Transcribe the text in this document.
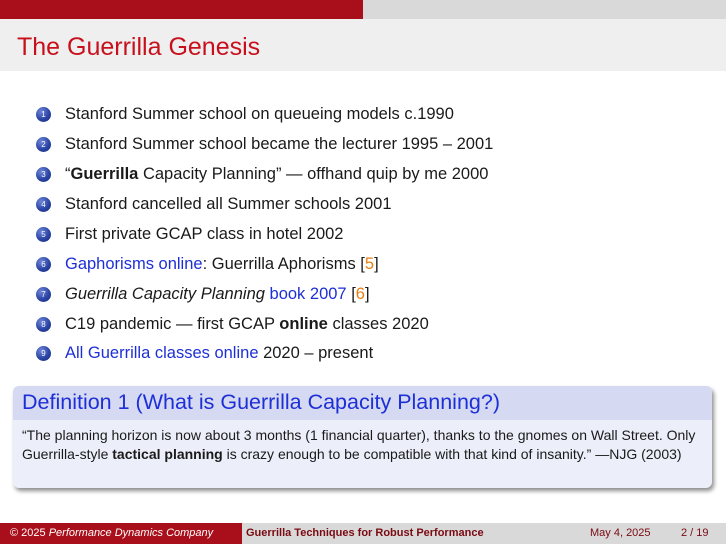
The Guerrilla Genesis
1	Stanford Summer school on queueing models c.1990
2	Stanford Summer school became the lecturer 1995 – 2001
3	“Guerrilla Capacity Planning” — offhand quip by me 2000
4	Stanford cancelled all Summer schools 2001
5	First private GCAP class in hotel 2002
6	Gaphorisms online: Guerrilla Aphorisms [5]
7	Guerrilla Capacity Planning book 2007 [6]
8	C19 pandemic — first GCAP online classes 2020
9	All Guerrilla classes online 2020 – present
Definition 1 (What is Guerrilla Capacity Planning?)
“The planning horizon is now about 3 months (1 financial quarter), thanks to the gnomes on Wall Street. Only Guerrilla-style tactical planning is crazy enough to be compatible with that kind of insanity.” —NJG (2003)
© 2025 Performance Dynamics Company	Guerrilla Techniques for Robust Performance	May 4, 2025	2 / 19
